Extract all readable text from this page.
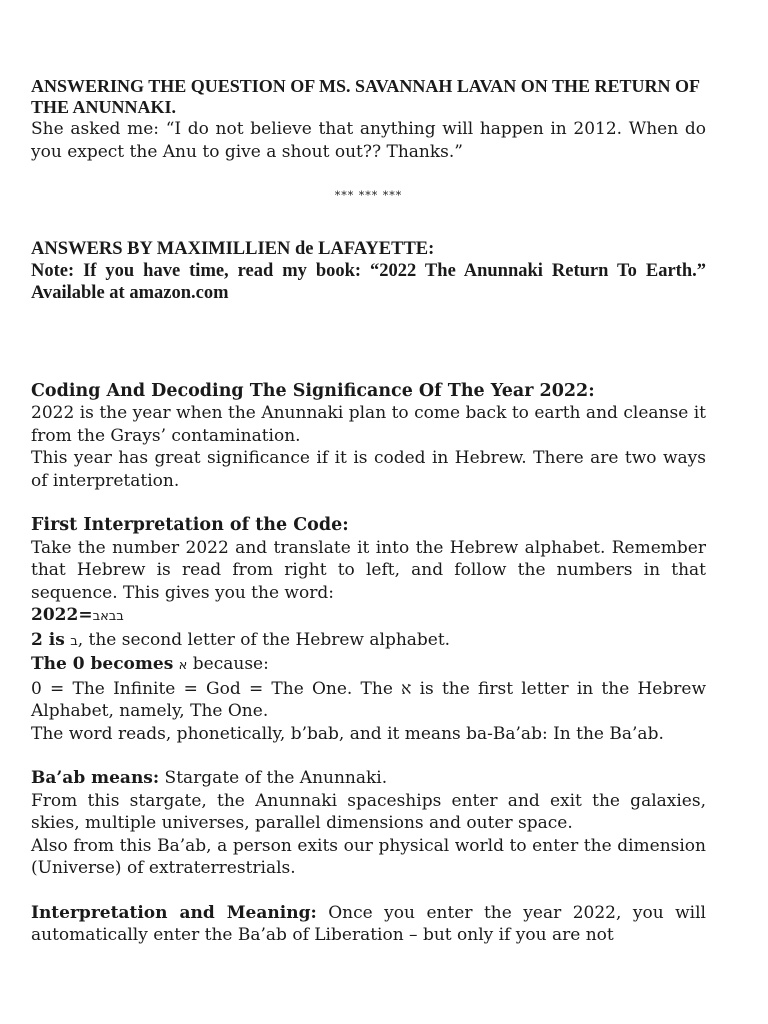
ANSWERING THE QUESTION OF MS. SAVANNAH LAVAN ON THE RETURN OF THE ANUNNAKI.

She asked me: “I do not believe that anything will happen in 2012. When do you expect the Anu to give a shout out?? Thanks.”

*** *** ***

ANSWERS BY MAXIMILLIEN de LAFAYETTE:

Note: If you have time, read my book: “2022 The Anunnaki Return To Earth.” Available at amazon.com

Coding And Decoding The Significance Of The Year 2022:

2022 is the year when the Anunnaki plan to come back to earth and cleanse it from the Grays’ contamination.

This year has great significance if it is coded in Hebrew. There are two ways of interpretation.

First Interpretation of the Code:

Take the number 2022 and translate it into the Hebrew alphabet. Remember that Hebrew is read from right to left, and follow the numbers in that sequence. This gives you the word:

2022=בבאב

2 is ב, the second letter of the Hebrew alphabet.

The 0 becomes א because:

0 = The Infinite = God = The One. The א is the first letter in the Hebrew Alphabet, namely, The One.

The word reads, phonetically, b’bab, and it means ba-Ba’ab: In the Ba’ab.

Ba’ab means: Stargate of the Anunnaki.

From this stargate, the Anunnaki spaceships enter and exit the galaxies, skies, multiple universes, parallel dimensions and outer space.

Also from this Ba’ab, a person exits our physical world to enter the dimension (Universe) of extraterrestrials.

Interpretation and Meaning: Once you enter the year 2022, you will automatically enter the Ba’ab of Liberation – but only if you are not
